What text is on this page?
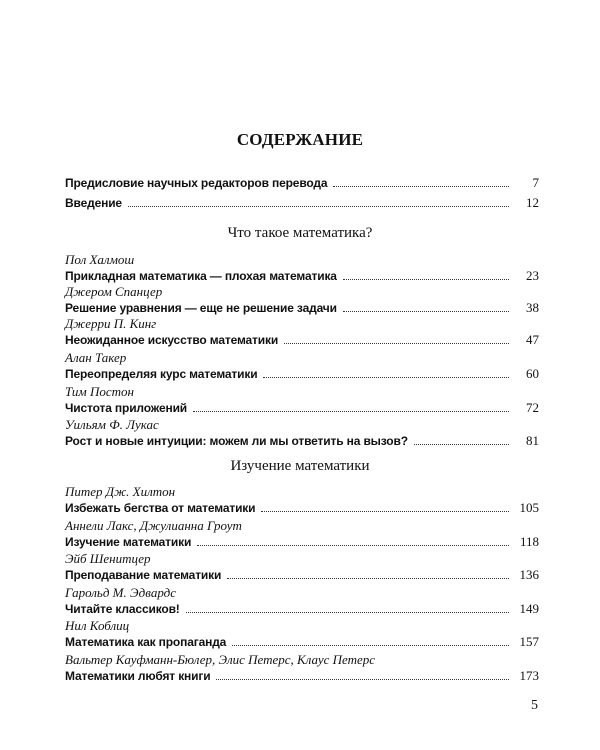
СОДЕРЖАНИЕ
Предисловие научных редакторов перевода	7
Введение	12
Что такое математика?
Пол Халмош
Прикладная математика — плохая математика	23
Джером Спанцер
Решение уравнения — еще не решение задачи	38
Джерри П. Кинг
Неожиданное искусство математики	47
Алан Такер
Переопределяя курс математики	60
Тим Постон
Чистота приложений	72
Уильям Ф. Лукас
Рост и новые интуиции: можем ли мы ответить на вызов?	81
Изучение математики
Питер Дж. Хилтон
Избежать бегства от математики	105
Аннели Лакс, Джулианна Гроут
Изучение математики	118
Эйб Шенитцер
Преподавание математики	136
Гарольд М. Эдвардс
Читайте классиков!	149
Нил Коблиц
Математика как пропаганда	157
Вальтер Кауфманн-Бюлер, Элис Петерс, Клаус Петерс
Математики любят книги	173
5
